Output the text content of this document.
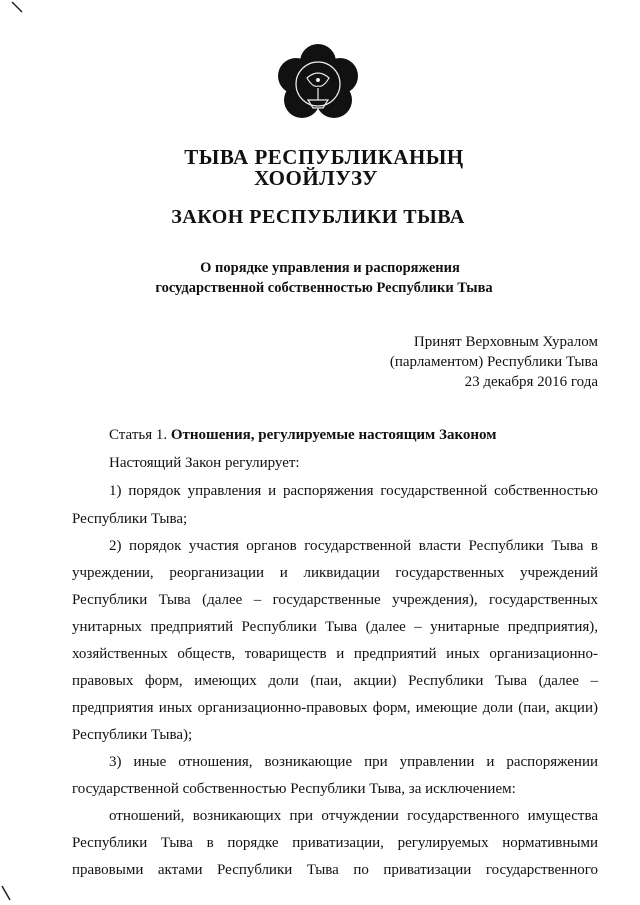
ТЫВА РЕСПУБЛИКАНЫҢ
ХООЙЛУЗУ
ЗАКОН РЕСПУБЛИКИ ТЫВА
О порядке управления и распоряжения
государственной собственностью Республики Тыва
Принят Верховным Хуралом
(парламентом) Республики Тыва
23 декабря 2016 года
Статья 1. Отношения, регулируемые настоящим Законом
Настоящий Закон регулирует:
1) порядок управления и распоряжения государственной собственностью
Республики Тыва;
2) порядок участия органов государственной власти Республики Тыва в
учреждении, реорганизации и ликвидации государственных учреждений
Республики Тыва (далее – государственные учреждения), государственных
унитарных предприятий Республики Тыва (далее – унитарные предприятия),
хозяйственных обществ, товариществ и предприятий иных организационно-
правовых форм, имеющих доли (паи, акции) Республики Тыва (далее –
предприятия иных организационно-правовых форм, имеющие доли (паи, акции)
Республики Тыва);
3) иные отношения, возникающие при управлении и распоряжении
государственной собственностью Республики Тыва, за исключением:
отношений, возникающих при отчуждении государственного имущества
Республики Тыва в порядке приватизации, регулируемых нормативными
правовыми актами Республики Тыва по приватизации государственного
